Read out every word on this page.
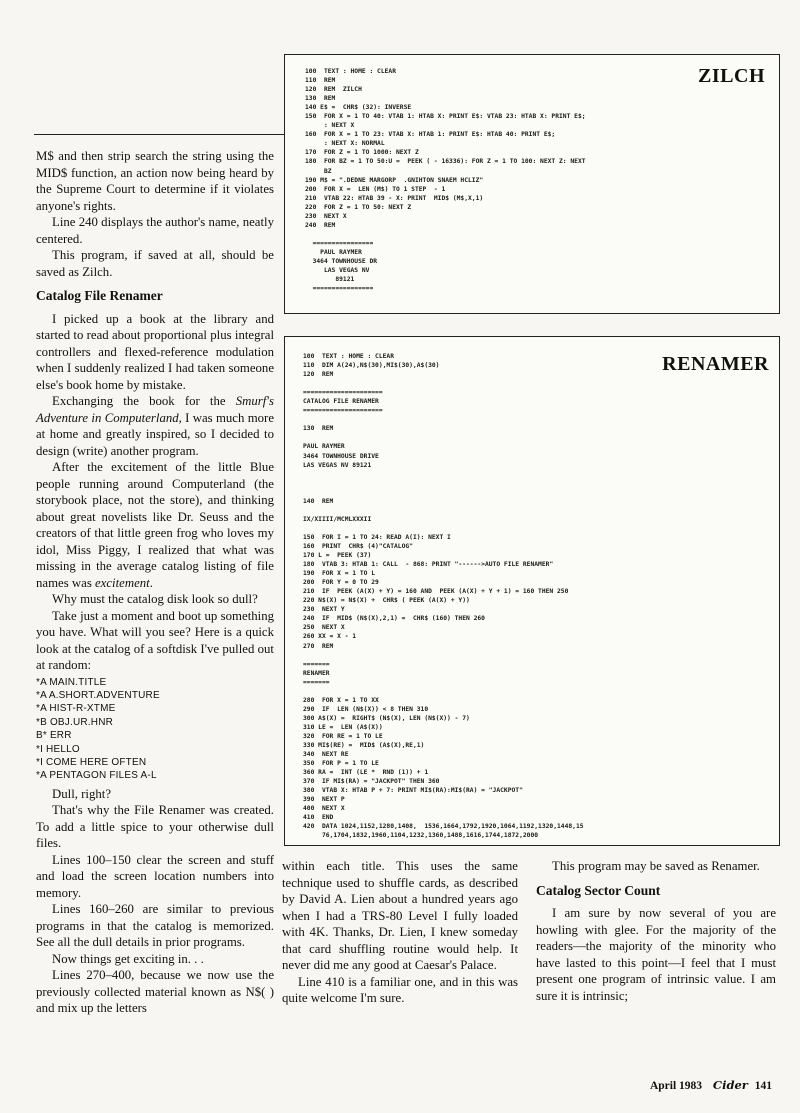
ZILCH
100  TEXT : HOME : CLEAR
110  REM
120  REM  ZILCH
130  REM
140 E$ =  CHR$ (32): INVERSE
150  FOR X = 1 TO 40: VTAB 1: HTAB X: PRINT E$: VTAB 23: HTAB X: PRINT E$;
: NEXT X
160  FOR X = 1 TO 23: VTAB X: HTAB 1: PRINT E$: HTAB 40: PRINT E$;
: NEXT X: NORMAL
170  FOR Z = 1 TO 1000: NEXT Z
180  FOR BZ = 1 TO 50:U =  PEEK ( - 16336): FOR Z = 1 TO 100: NEXT Z: NEXT
BZ
190 M$ = ".DEDNE MARGORP  .GNIHTON SNAEM HCLIZ"
200  FOR X =  LEN (M$) TO 1 STEP  - 1
210  VTAB 22: HTAB 39 - X: PRINT  MID$ (M$,X,1)
220  FOR Z = 1 TO 50: NEXT Z
230  NEXT X
240  REM

================
PAUL RAYMER
3464 TOWNHOUSE DR
LAS VEGAS NV
89121
================
RENAMER
100  TEXT : HOME : CLEAR
110  DIM A(24),N$(30),MI$(30),A$(30)
120  REM

=====================
CATALOG FILE RENAMER
=====================

130  REM

PAUL RAYMER
3464 TOWNHOUSE DRIVE
LAS VEGAS NV 89121

140  REM

IX/XIIII/MCMLXXXII

150  FOR I = 1 TO 24: READ A(I): NEXT I
160  PRINT  CHR$ (4)"CATALOG"
170 L =  PEEK (37)
180  VTAB 3: HTAB 1: CALL  - 868: PRINT "------>AUTO FILE RENAMER"
190  FOR X = 1 TO L
200  FOR Y = 0 TO 29
210  IF  PEEK (A(X) + Y) = 160 AND  PEEK (A(X) + Y + 1) = 160 THEN 250
220 N$(X) = N$(X) +  CHR$ ( PEEK (A(X) + Y))
230  NEXT Y
240  IF  MID$ (N$(X),2,1) =  CHR$ (160) THEN 260
250  NEXT X
260 XX = X - 1
270  REM

=======
RENAMER
=======

280  FOR X = 1 TO XX
290  IF  LEN (N$(X)) < 8 THEN 310
300 A$(X) =  RIGHT$ (N$(X), LEN (N$(X)) - 7)
310 LE =  LEN (A$(X))
320  FOR RE = 1 TO LE
330 MI$(RE) =  MID$ (A$(X),RE,1)
340  NEXT RE
350  FOR P = 1 TO LE
360 RA =  INT (LE *  RND (1)) + 1
370  IF MI$(RA) = "JACKPOT" THEN 360
380  VTAB X: HTAB P + 7: PRINT MI$(RA):MI$(RA) = "JACKPOT"
390  NEXT P
400  NEXT X
410  END
420  DATA 1024,1152,1280,1408,  1536,1664,1792,1920,1064,1192,1320,1448,15
76,1704,1832,1960,1104,1232,1360,1488,1616,1744,1872,2000

M$ and then strip search the string using the MID$ function, an action now being heard by the Supreme Court to determine if it violates anyone's rights.

Line 240 displays the author's name, neatly centered.

This program, if saved at all, should be saved as Zilch.

Catalog File Renamer

I picked up a book at the library and started to read about proportional plus integral controllers and flexed-reference modulation when I suddenly realized I had taken someone else's book home by mistake.

Exchanging the book for the Smurf's Adventure in Computerland, I was much more at home and greatly inspired, so I decided to design (write) another program.

After the excitement of the little Blue people running around Computerland (the storybook place, not the store), and thinking about great novelists like Dr. Seuss and the creators of that little green frog who loves my idol, Miss Piggy, I realized that what was missing in the average catalog listing of file names was excitement.

Why must the catalog disk look so dull?

Take just a moment and boot up something you have. What will you see? Here is a quick look at the catalog of a softdisk I've pulled out at random:

*A MAIN.TITLE
*A A.SHORT.ADVENTURE
*A HIST-R-XTME
*B OBJ.UR.HNR
B* ERR
*I HELLO
*I COME HERE OFTEN
*A PENTAGON FILES A-L

Dull, right?

That's why the File Renamer was created. To add a little spice to your otherwise dull files.

Lines 100–150 clear the screen and stuff and load the screen location numbers into memory.

Lines 160–260 are similar to previous programs in that the catalog is memorized. See all the dull details in prior programs.

Now things get exciting in. . .

Lines 270–400, because we now use the previously collected material known as N$( ) and mix up the letters

within each title. This uses the same technique used to shuffle cards, as described by David A. Lien about a hundred years ago when I had a TRS-80 Level I fully loaded with 4K. Thanks, Dr. Lien, I knew someday that card shuffling routine would help. It never did me any good at Caesar's Palace.

Line 410 is a familiar one, and in this was quite welcome I'm sure.

This program may be saved as Renamer.

Catalog Sector Count

I am sure by now several of you are howling with glee. For the majority of the readers—the majority of the minority who have lasted to this point—I feel that I must present one program of intrinsic value. I am sure it is intrinsic;

April 1983 Cider 141
